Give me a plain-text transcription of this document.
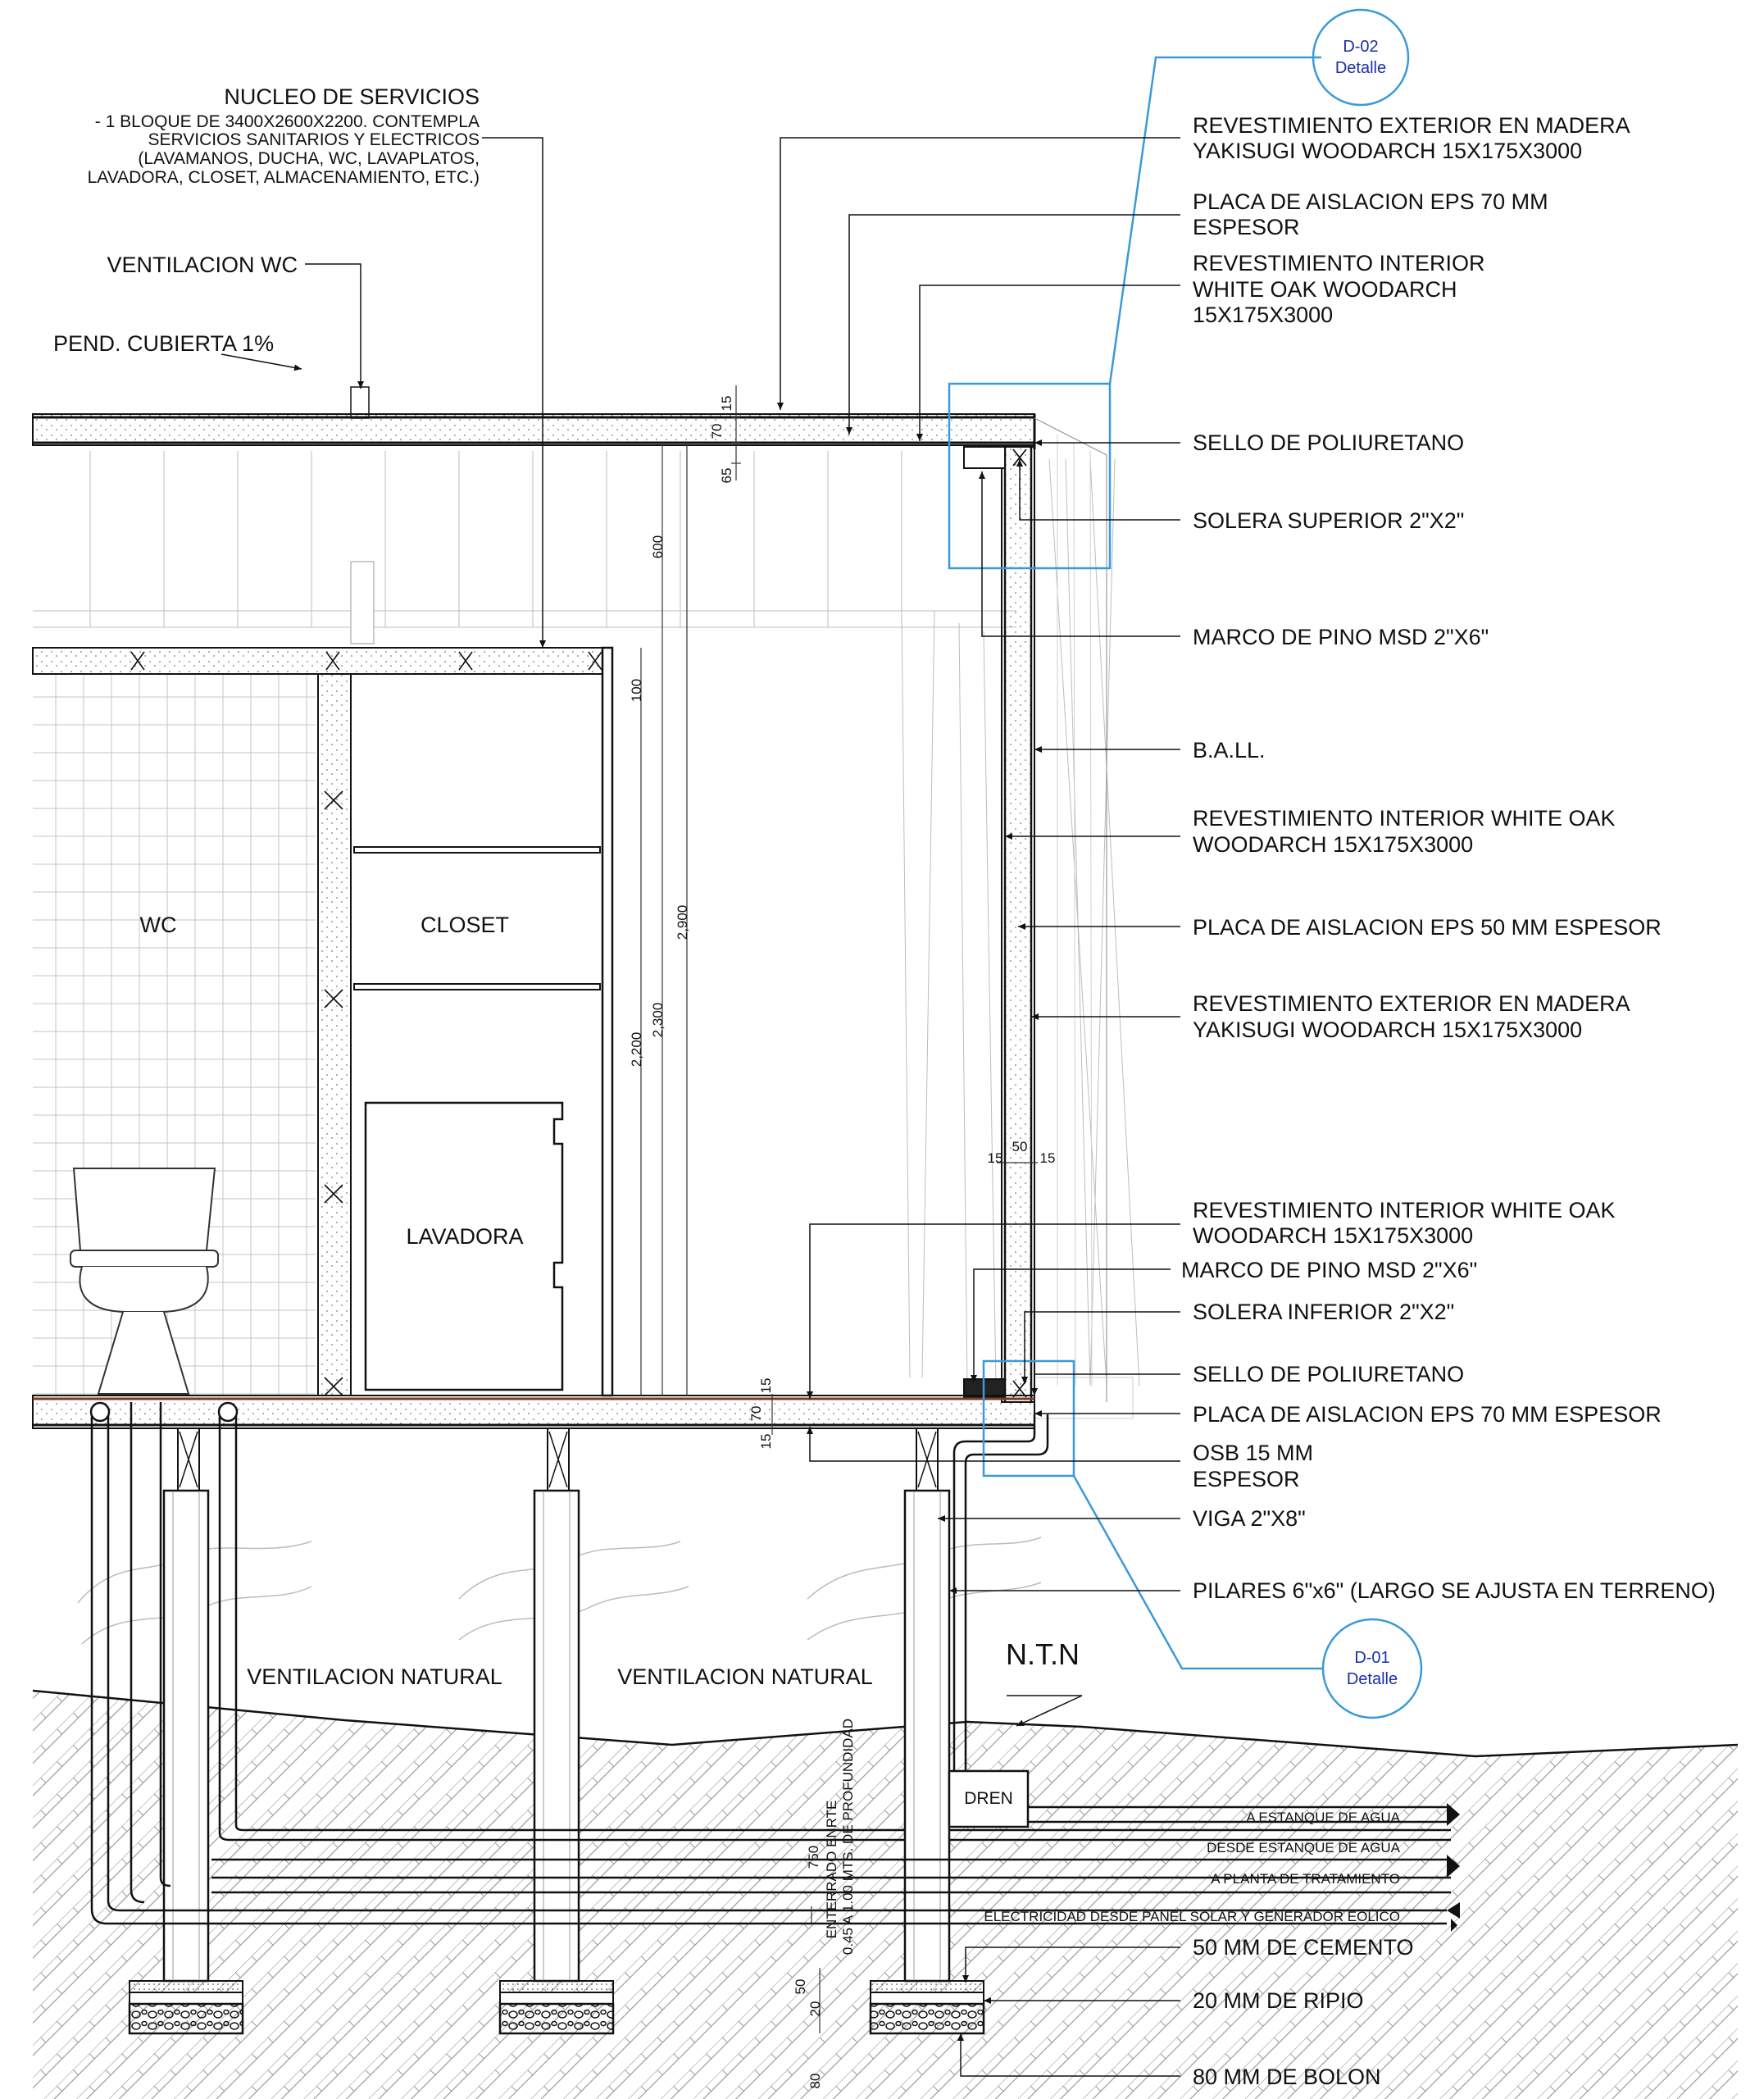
DREN
D-02
Detalle
D-01
Detalle
NUCLEO DE SERVICIOS
- 1 BLOQUE DE 3400X2600X2200. CONTEMPLA
SERVICIOS SANITARIOS Y ELECTRICOS
(LAVAMANOS, DUCHA, WC, LAVAPLATOS,
LAVADORA, CLOSET, ALMACENAMIENTO, ETC.)
VENTILACION WC
PEND. CUBIERTA 1%
WC	CLOSET
LAVADORA
VENTILACION NATURAL	VENTILACION NATURAL
N.T.N
REVESTIMIENTO EXTERIOR EN MADERA
YAKISUGI WOODARCH 15X175X3000
PLACA DE AISLACION EPS 70 MM
ESPESOR
REVESTIMIENTO INTERIOR
WHITE OAK WOODARCH
15X175X3000
SELLO DE POLIURETANO
SOLERA SUPERIOR 2"X2"
MARCO DE PINO MSD 2"X6"
B.A.LL.
REVESTIMIENTO INTERIOR WHITE OAK
WOODARCH 15X175X3000
PLACA DE AISLACION EPS 50 MM ESPESOR
REVESTIMIENTO EXTERIOR EN MADERA
YAKISUGI WOODARCH 15X175X3000
REVESTIMIENTO INTERIOR WHITE OAK
WOODARCH 15X175X3000
MARCO DE PINO MSD 2"X6"
SOLERA INFERIOR 2"X2"
SELLO DE POLIURETANO
PLACA DE AISLACION EPS 70 MM ESPESOR
OSB 15 MM
ESPESOR
VIGA 2"X8"
PILARES 6"x6" (LARGO SE AJUSTA EN TERRENO)
50 MM DE CEMENTO
20 MM DE RIPIO
80 MM DE BOLON
A ESTANQUE DE AGUA
DESDE ESTANQUE DE AGUA
A PLANTA DE TRATAMIENTO
ELECTRICIDAD DESDE PANEL SOLAR Y GENERADOR EOLICO
750 ENTERRADO ENRTE 0.45 A 1.00 MTS. DE PROFUNDIDAD
15
70
65
600
100
2,900
2,300
2,200
15
50
15
15
70
15
50
20
80
